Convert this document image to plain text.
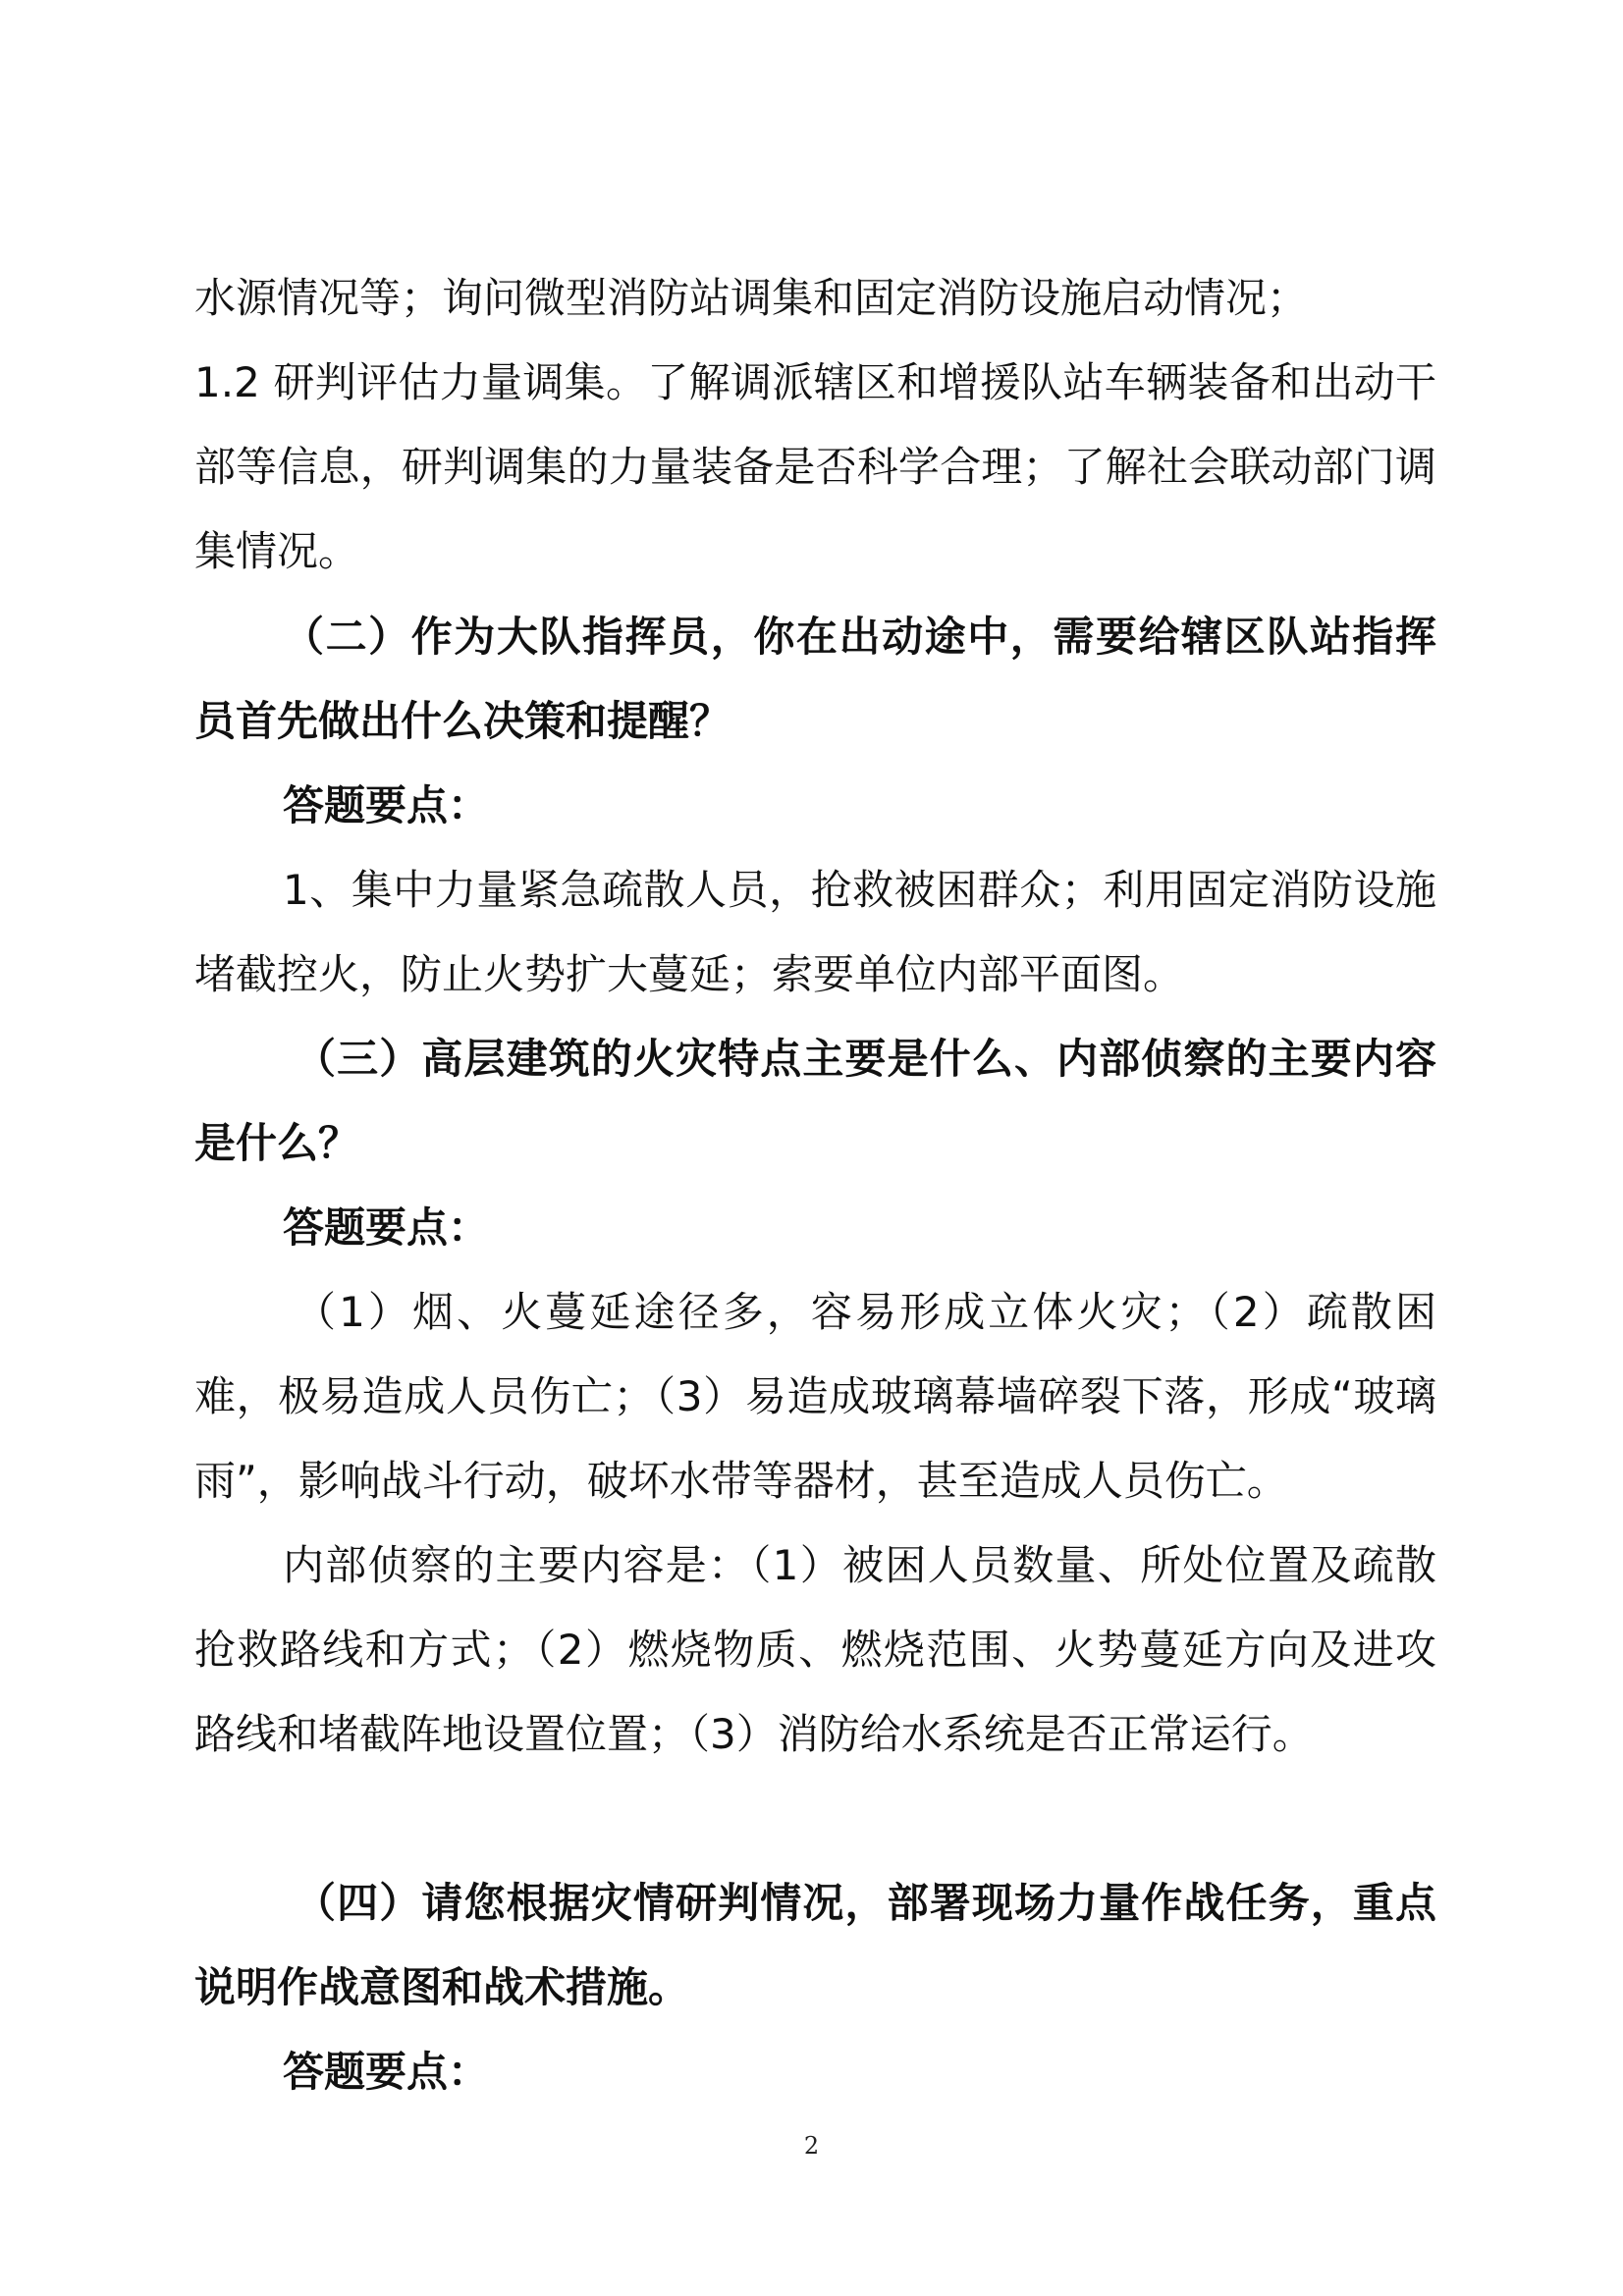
水源情况等；询问微型消防站调集和固定消防设施启动情况；

1.2 研判评估力量调集。了解调派辖区和增援队站车辆装备和出动干部等信息，研判调集的力量装备是否科学合理；了解社会联动部门调集情况。

（二）作为大队指挥员，你在出动途中，需要给辖区队站指挥员首先做出什么决策和提醒？

答题要点：

1、集中力量紧急疏散人员，抢救被困群众；利用固定消防设施堵截控火，防止火势扩大蔓延；索要单位内部平面图。

（三）高层建筑的火灾特点主要是什么、内部侦察的主要内容是什么？

答题要点：

（1）烟、火蔓延途径多，容易形成立体火灾；（2）疏散困难，极易造成人员伤亡；（3）易造成玻璃幕墙碎裂下落，形成“玻璃雨”，影响战斗行动，破坏水带等器材，甚至造成人员伤亡。

内部侦察的主要内容是：（1）被困人员数量、所处位置及疏散抢救路线和方式；（2）燃烧物质、燃烧范围、火势蔓延方向及进攻路线和堵截阵地设置位置；（3）消防给水系统是否正常运行。

（四）请您根据灾情研判情况，部署现场力量作战任务，重点说明作战意图和战术措施。

答题要点：

2
